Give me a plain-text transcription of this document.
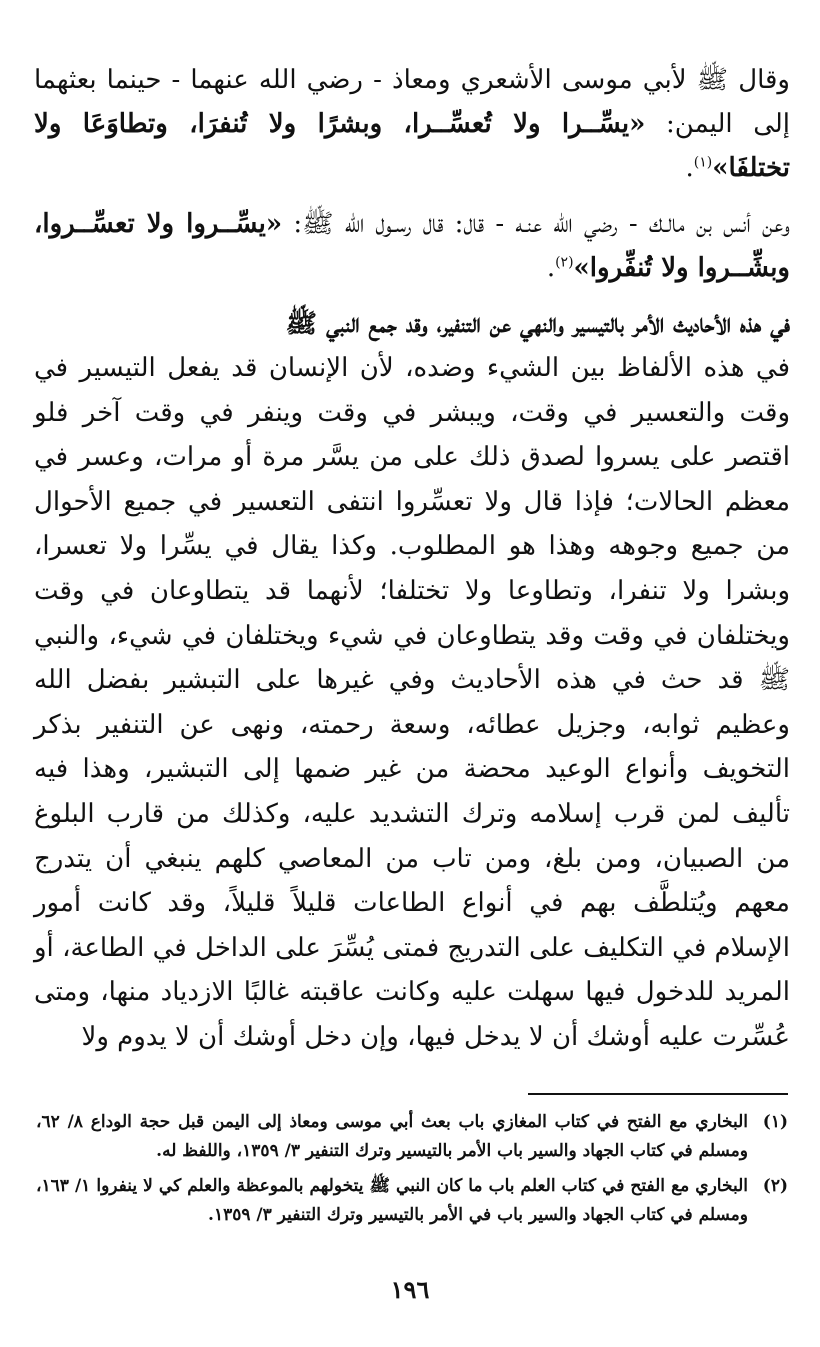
وقال ﷺ لأبي موسى الأشعري ومعاذ - رضي الله عنهما - حينما بعثهما إلى اليمن: «يسِّــرا ولا تُعسِّــرا، وبشرًا ولا تُنفرَا، وتطاوَعَا ولا تختلفَا»$^{(١)}$.

وعن أنس بن مالـك - رضي الله عنـه - قال: قال رسـول الله ﷺ: «يسِّــروا ولا تعسِّــروا، وبشِّــروا ولا تُنفِّروا»$^{(٢)}$.

في هذه الأحاديث الأمر بالتيسير والنهي عن التنفير، وقد جمع النبي ﷺ

في هذه الألفاظ بين الشيء وضده، لأن الإنسان قد يفعل التيسير في وقت والتعسير في وقت، ويبشر في وقت وينفر في وقت آخر فلو اقتصر على يسروا لصدق ذلك على من يسَّر مرة أو مرات، وعسر في معظم الحالات؛ فإذا قال ولا تعسِّروا انتفى التعسير في جميع الأحوال من جميع وجوهه وهذا هو المطلوب. وكذا يقال في يسِّرا ولا تعسرا، وبشرا ولا تنفرا، وتطاوعا ولا تختلفا؛ لأنهما قد يتطاوعان في وقت ويختلفان في وقت وقد يتطاوعان في شيء ويختلفان في شيء، والنبي ﷺ قد حث في هذه الأحاديث وفي غيرها على التبشير بفضل الله وعظيم ثوابه، وجزيل عطائه، وسعة رحمته، ونهى عن التنفير بذكر التخويف وأنواع الوعيد محضة من غير ضمها إلى التبشير، وهذا فيه تأليف لمن قرب إسلامه وترك التشديد عليه، وكذلك من قارب البلوغ من الصبيان، ومن بلغ، ومن تاب من المعاصي كلهم ينبغي أن يتدرج معهم ويُتلطَّف بهم في أنواع الطاعات قليلاً قليلاً، وقد كانت أمور الإسلام في التكليف على التدريج فمتى يُسِّرَ على الداخل في الطاعة، أو المريد للدخول فيها سهلت عليه وكانت عاقبته غالبًا الازدياد منها، ومتى عُسِّرت عليه أوشك أن لا يدخل فيها، وإن دخل أوشك أن لا يدوم ولا

(١)
البخاري مع الفتح في كتاب المغازي باب بعث أبي موسى ومعاذ إلى اليمن قبل حجة الوداع ٨/ ٦٢، ومسلم في كتاب الجهاد والسير باب الأمر بالتيسير وترك التنفير ٣/ ١٣٥٩، واللفظ له.
(٢)
البخاري مع الفتح في كتاب العلم باب ما كان النبي ﷺ يتخولهم بالموعظة والعلم كي لا ينفروا ١/ ١٦٣، ومسلم في كتاب الجهاد والسير باب في الأمر بالتيسير وترك التنفير ٣/ ١٣٥٩.
١٩٦
